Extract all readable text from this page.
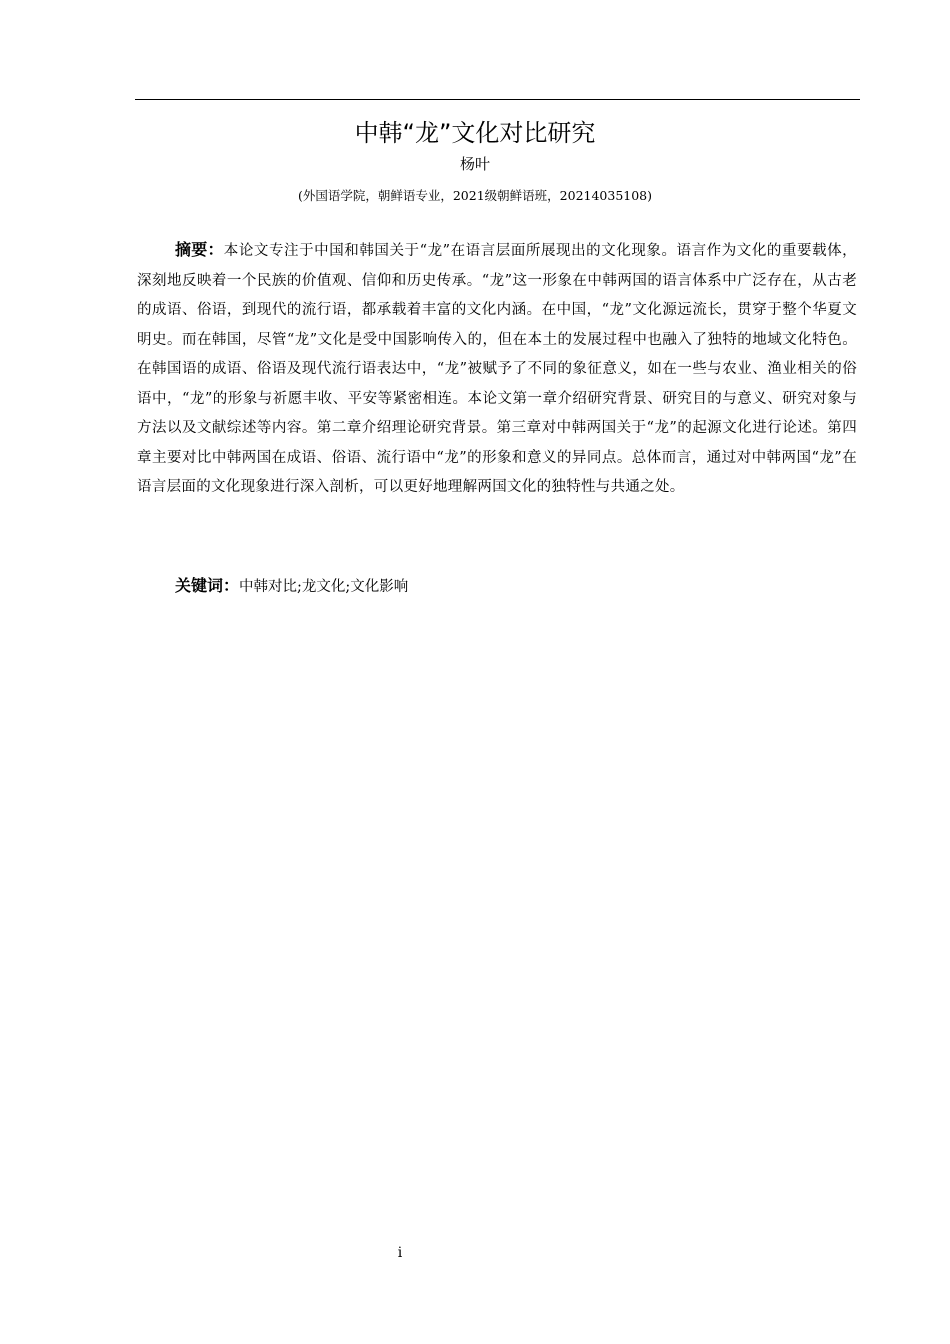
中韩“龙”文化对比研究
杨叶
(外国语学院，朝鲜语专业，2021级朝鲜语班，20214035108)

摘要：本论文专注于中国和韩国关于“龙”在语言层面所展现出的文化现象。语言作为文化的重要载体，深刻地反映着一个民族的价值观、信仰和历史传承。“龙”这一形象在中韩两国的语言体系中广泛存在，从古老的成语、俗语，到现代的流行语，都承载着丰富的文化内涵。在中国，“龙”文化源远流长，贯穿于整个华夏文明史。而在韩国，尽管“龙”文化是受中国影响传入的，但在本土的发展过程中也融入了独特的地域文化特色。在韩国语的成语、俗语及现代流行语表达中，“龙”被赋予了不同的象征意义，如在一些与农业、渔业相关的俗语中，“龙”的形象与祈愿丰收、平安等紧密相连。本论文第一章介绍研究背景、研究目的与意义、研究对象与方法以及文献综述等内容。第二章介绍理论研究背景。第三章对中韩两国关于“龙”的起源文化进行论述。第四章主要对比中韩两国在成语、俗语、流行语中“龙”的形象和意义的异同点。总体而言，通过对中韩两国“龙”在语言层面的文化现象进行深入剖析，可以更好地理解两国文化的独特性与共通之处。

关键词：中韩对比;龙文化;文化影响
i
